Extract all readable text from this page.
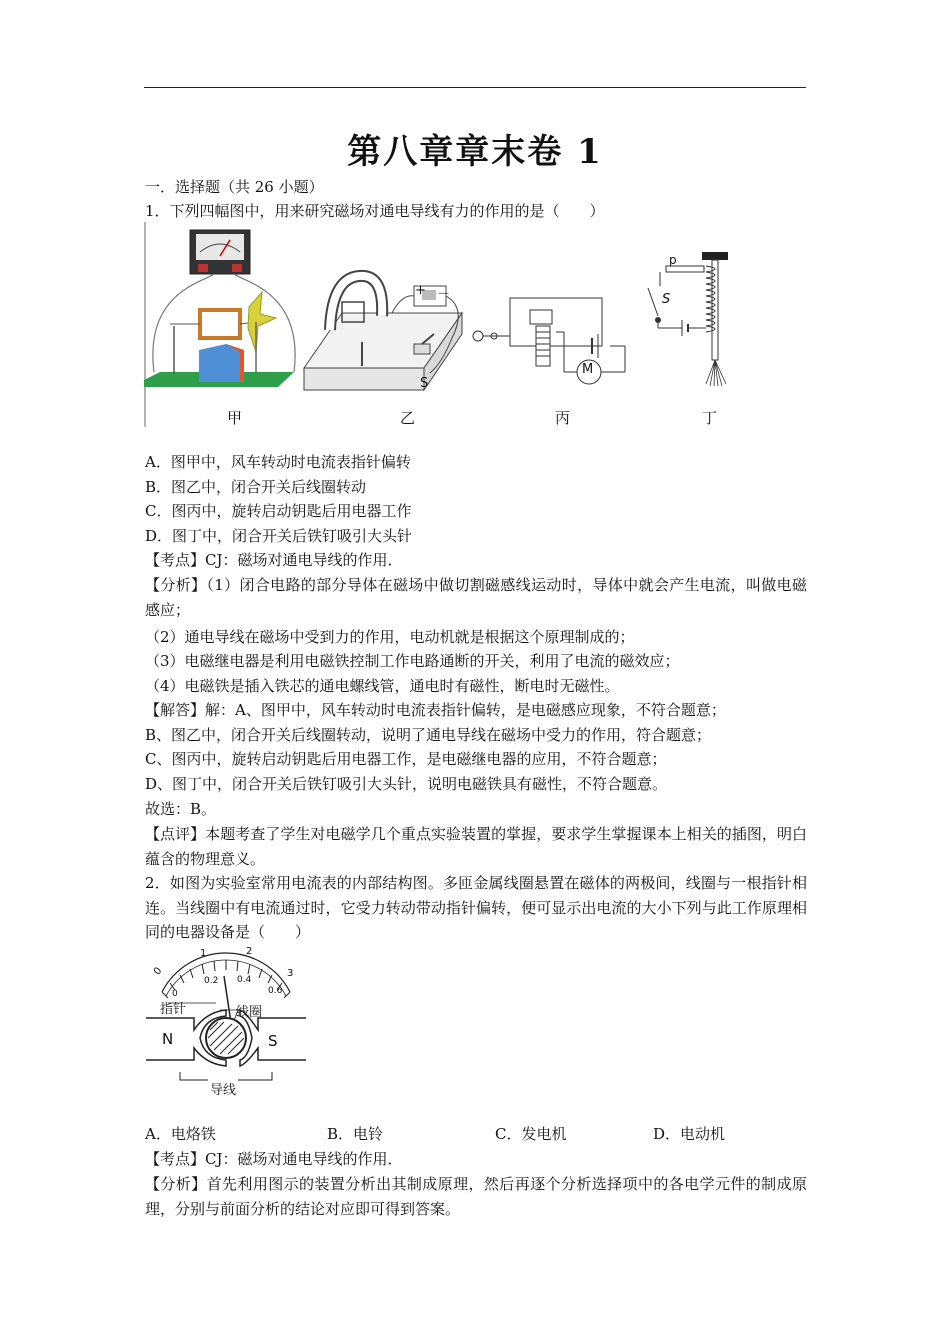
第八章章末卷 1
一．选择题（共 26 小题）
1．下列四幅图中，用来研究磁场对通电导线有力的作用的是（　　）
甲
+ －
S
乙
M
丙
p
S
丁
A．图甲中，风车转动时电流表指针偏转
B．图乙中，闭合开关后线圈转动
C．图丙中，旋转启动钥匙后用电器工作
D．图丁中，闭合开关后铁钉吸引大头针
【考点】CJ：磁场对通电导线的作用．
【分析】（1）闭合电路的部分导体在磁场中做切割磁感线运动时，导体中就会产生电流，叫做电磁感应；
（2）通电导线在磁场中受到力的作用，电动机就是根据这个原理制成的；
（3）电磁继电器是利用电磁铁控制工作电路通断的开关，利用了电流的磁效应；
（4）电磁铁是插入铁芯的通电螺线管，通电时有磁性，断电时无磁性。
【解答】解：A、图甲中，风车转动时电流表指针偏转，是电磁感应现象，不符合题意；
B、图乙中，闭合开关后线圈转动，说明了通电导线在磁场中受力的作用，符合题意；
C、图丙中，旋转启动钥匙后用电器工作，是电磁继电器的应用，不符合题意；
D、图丁中，闭合开关后铁钉吸引大头针，说明电磁铁具有磁性，不符合题意。
故选：B。
【点评】本题考查了学生对电磁学几个重点实验装置的掌握，要求学生掌握课本上相关的插图，明白蕴含的物理意义。
2．如图为实验室常用电流表的内部结构图。多匝金属线圈悬置在磁体的两极间，线圈与一根指针相连。当线圈中有电流通过时，它受力转动带动指针偏转，便可显示出电流的大小下列与此工作原理相同的电器设备是（　　）
0
1	2
3
0
0.2 0.4
0.6
指针	线圈
N	S
导线
A．电烙铁	B．电铃	C．发电机	D．电动机
【考点】CJ：磁场对通电导线的作用．
【分析】首先利用图示的装置分析出其制成原理，然后再逐个分析选择项中的各电学元件的制成原理，分别与前面分析的结论对应即可得到答案。
